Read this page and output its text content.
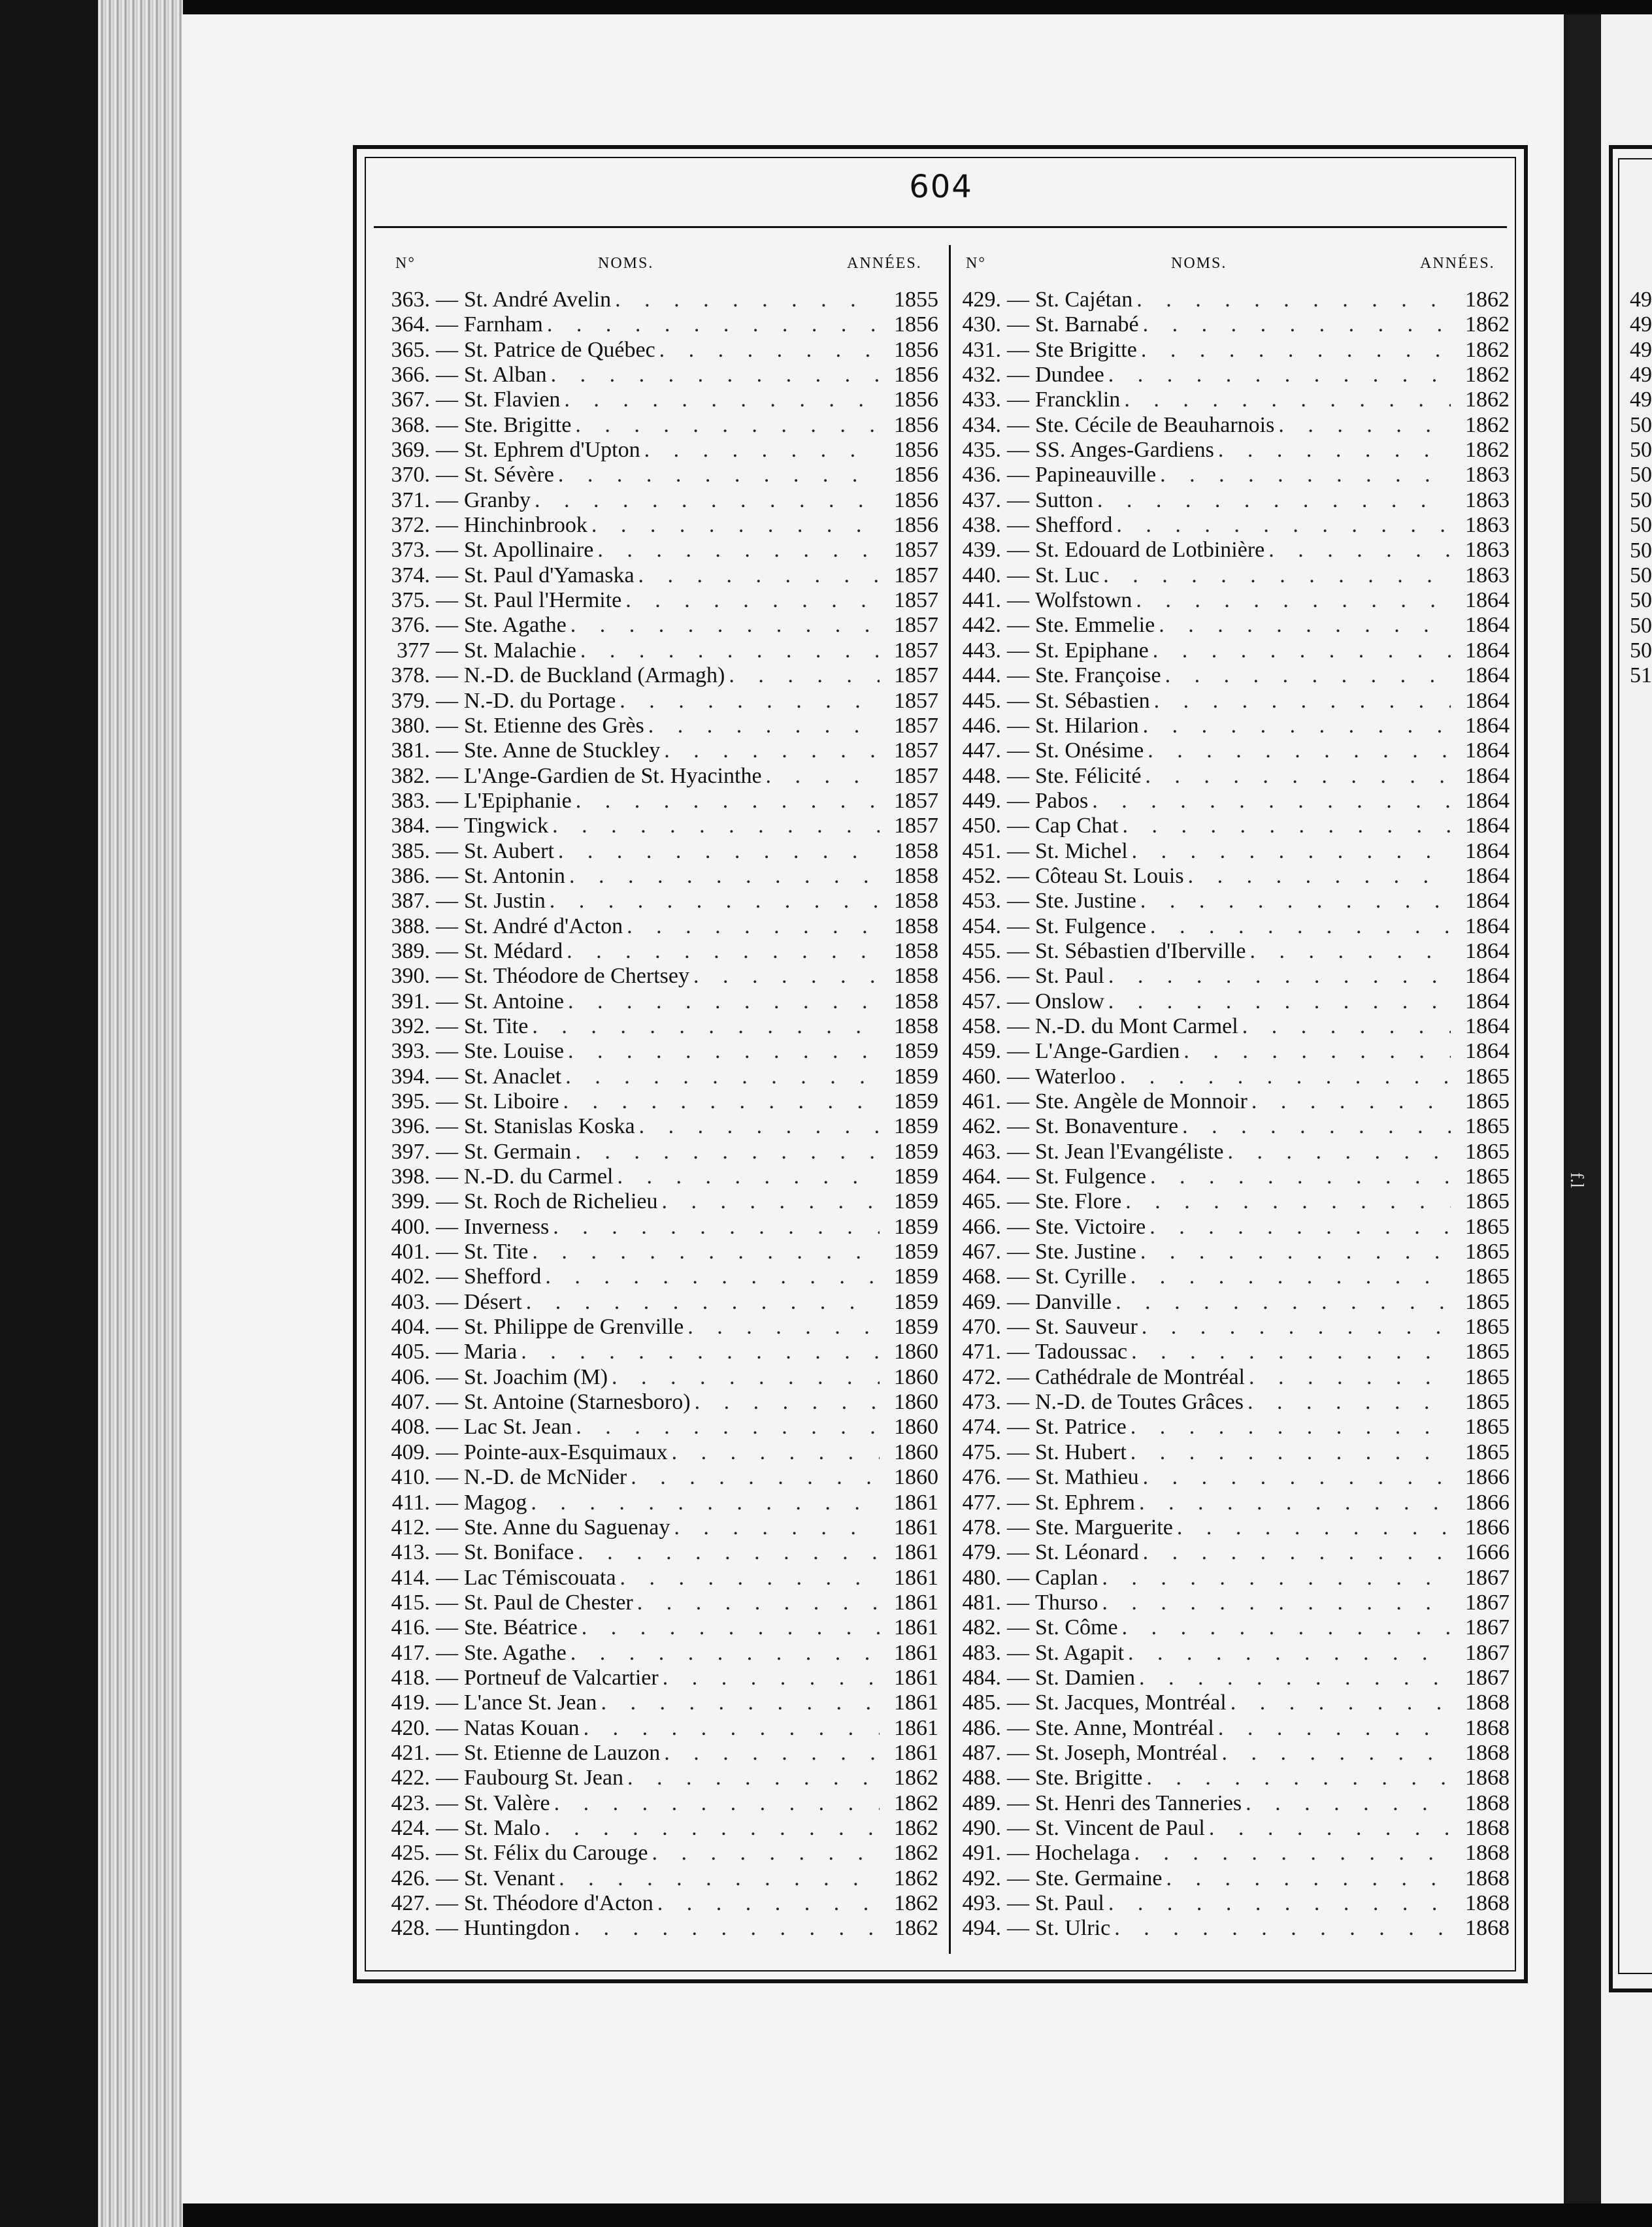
49
49
49
49
49
50
50
50
50
50
50
50
50
50
50
51
f.l
604
N°	NOMS.	ANNÉES.	N°	NOMS.	ANNÉES.
363. — St. André Avelin . . .	1855
364. — Farnham . . .	1856
365. — St. Patrice de Québec . . .	1856
366. — St. Alban . . .	1856
367. — St. Flavien . . .	1856
368. — Ste. Brigitte . . .	1856
369. — St. Ephrem d'Upton . . .	1856
370. — St. Sévère . . .	1856
371. — Granby . . .	1856
372. — Hinchinbrook . . .	1856
373. — St. Apollinaire . . .	1857
374. — St. Paul d'Yamaska . . .	1857
375. — St. Paul l'Hermite . . .	1857
376. — Ste. Agathe . . .	1857
377 — St. Malachie . . .	1857
378. — N.-D. de Buckland (Armagh) . . .	1857
379. — N.-D. du Portage . . .	1857
380. — St. Etienne des Grès . . .	1857
381. — Ste. Anne de Stuckley . . .	1857
382. — L'Ange-Gardien de St. Hyacinthe . . .	1857
383. — L'Epiphanie . . .	1857
384. — Tingwick . . .	1857
385. — St. Aubert . . .	1858
386. — St. Antonin . . .	1858
387. — St. Justin . . .	1858
388. — St. André d'Acton . . .	1858
389. — St. Médard . . .	1858
390. — St. Théodore de Chertsey . . .	1858
391. — St. Antoine . . .	1858
392. — St. Tite . . .	1858
393. — Ste. Louise . . .	1859
394. — St. Anaclet . . .	1859
395. — St. Liboire . . .	1859
396. — St. Stanislas Koska . . .	1859
397. — St. Germain . . .	1859
398. — N.-D. du Carmel . . .	1859
399. — St. Roch de Richelieu . . .	1859
400. — Inverness . . .	1859
401. — St. Tite . . .	1859
402. — Shefford . . .	1859
403. — Désert . . .	1859
404. — St. Philippe de Grenville . . .	1859
405. — Maria . . .	1860
406. — St. Joachim (M) . . .	1860
407. — St. Antoine (Starnesboro) . . .	1860
408. — Lac St. Jean . . .	1860
409. — Pointe-aux-Esquimaux . . .	1860
410. — N.-D. de McNider . . .	1860
411. — Magog . . .	1861
412. — Ste. Anne du Saguenay . . .	1861
413. — St. Boniface . . .	1861
414. — Lac Témiscouata . . .	1861
415. — St. Paul de Chester . . .	1861
416. — Ste. Béatrice . . .	1861
417. — Ste. Agathe . . .	1861
418. — Portneuf de Valcartier . . .	1861
419. — L'ance St. Jean . . .	1861
420. — Natas Kouan . . .	1861
421. — St. Etienne de Lauzon . . .	1861
422. — Faubourg St. Jean . . .	1862
423. — St. Valère . . .	1862
424. — St. Malo . . .	1862
425. — St. Félix du Carouge . . .	1862
426. — St. Venant . . .	1862
427. — St. Théodore d'Acton . . .	1862
428. — Huntingdon . . .	1862
429. — St. Cajétan . . .	1862
430. — St. Barnabé . . .	1862
431. — Ste Brigitte . . .	1862
432. — Dundee . . .	1862
433. — Francklin . . .	1862
434. — Ste. Cécile de Beauharnois . . .	1862
435. — SS. Anges-Gardiens . . .	1862
436. — Papineauville . . .	1863
437. — Sutton . . .	1863
438. — Shefford . . .	1863
439. — St. Edouard de Lotbinière . . .	1863
440. — St. Luc . . .	1863
441. — Wolfstown . . .	1864
442. — Ste. Emmelie . . .	1864
443. — St. Epiphane . . .	1864
444. — Ste. Françoise . . .	1864
445. — St. Sébastien . . .	1864
446. — St. Hilarion . . .	1864
447. — St. Onésime . . .	1864
448. — Ste. Félicité . . .	1864
449. — Pabos . . .	1864
450. — Cap Chat . . .	1864
451. — St. Michel . . .	1864
452. — Côteau St. Louis . . .	1864
453. — Ste. Justine . . .	1864
454. — St. Fulgence . . .	1864
455. — St. Sébastien d'Iberville . . .	1864
456. — St. Paul . . .	1864
457. — Onslow . . .	1864
458. — N.-D. du Mont Carmel . . .	1864
459. — L'Ange-Gardien . . .	1864
460. — Waterloo . . .	1865
461. — Ste. Angèle de Monnoir . . .	1865
462. — St. Bonaventure . . .	1865
463. — St. Jean l'Evangéliste . . .	1865
464. — St. Fulgence . . .	1865
465. — Ste. Flore . . .	1865
466. — Ste. Victoire . . .	1865
467. — Ste. Justine . . .	1865
468. — St. Cyrille . . .	1865
469. — Danville . . .	1865
470. — St. Sauveur . . .	1865
471. — Tadoussac . . .	1865
472. — Cathédrale de Montréal . . .	1865
473. — N.-D. de Toutes Grâces . . .	1865
474. — St. Patrice . . .	1865
475. — St. Hubert . . .	1865
476. — St. Mathieu . . .	1866
477. — St. Ephrem . . .	1866
478. — Ste. Marguerite . . .	1866
479. — St. Léonard . . .	1666
480. — Caplan . . .	1867
481. — Thurso . . .	1867
482. — St. Côme . . .	1867
483. — St. Agapit . . .	1867
484. — St. Damien . . .	1867
485. — St. Jacques, Montréal . . .	1868
486. — Ste. Anne, Montréal . . .	1868
487. — St. Joseph, Montréal . . .	1868
488. — Ste. Brigitte . . .	1868
489. — St. Henri des Tanneries . . .	1868
490. — St. Vincent de Paul . . .	1868
491. — Hochelaga . . .	1868
492. — Ste. Germaine . . .	1868
493. — St. Paul . . .	1868
494. — St. Ulric . . .	1868
